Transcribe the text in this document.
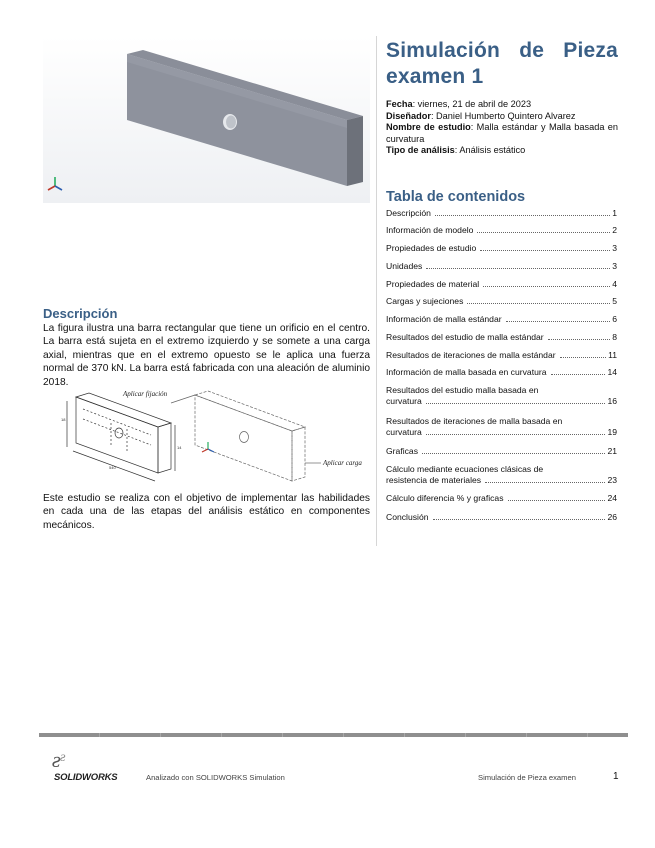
Simulación de Pieza examen 1
Fecha: viernes, 21 de abril de 2023
Diseñador: Daniel Humberto Quintero Alvarez
Nombre de estudio: Malla estándar y Malla basada en curvatura
Tipo de análisis: Análisis estático
Tabla de contenidos
Descripción	1
Información de modelo	2
Propiedades de estudio	3
Unidades	3
Propiedades de material	4
Cargas y sujeciones	5
Información de malla estándar	6
Resultados del estudio de malla estándar	8
Resultados de iteraciones de malla estándar	11
Información de malla basada en curvatura	14
Resultados del estudio malla basada en
curvatura	16
Resultados de iteraciones de malla basada en
curvatura	19
Graficas	21
Cálculo mediante ecuaciones clásicas de
resistencia de materiales	23
Cálculo diferencia % y graficas	24
Conclusión	26
Descripción
La figura ilustra una barra rectangular que tiene un orificio en el centro. La barra está sujeta en el extremo izquierdo y se somete a una carga axial, mientras que en el extremo opuesto se le aplica una fuerza normal de 370 kN. La barra está fabricada con una aleación de aluminio 2018.
18
540
14
Aplicar fijación
Aplicar carga
Este estudio se realiza con el objetivo de implementar las habilidades en cada una de las etapas del análisis estático en componentes mecánicos.
ƨ ƨ
SOLIDWORKS	Analizado con SOLIDWORKS Simulation	Simulación de Pieza examen	1
